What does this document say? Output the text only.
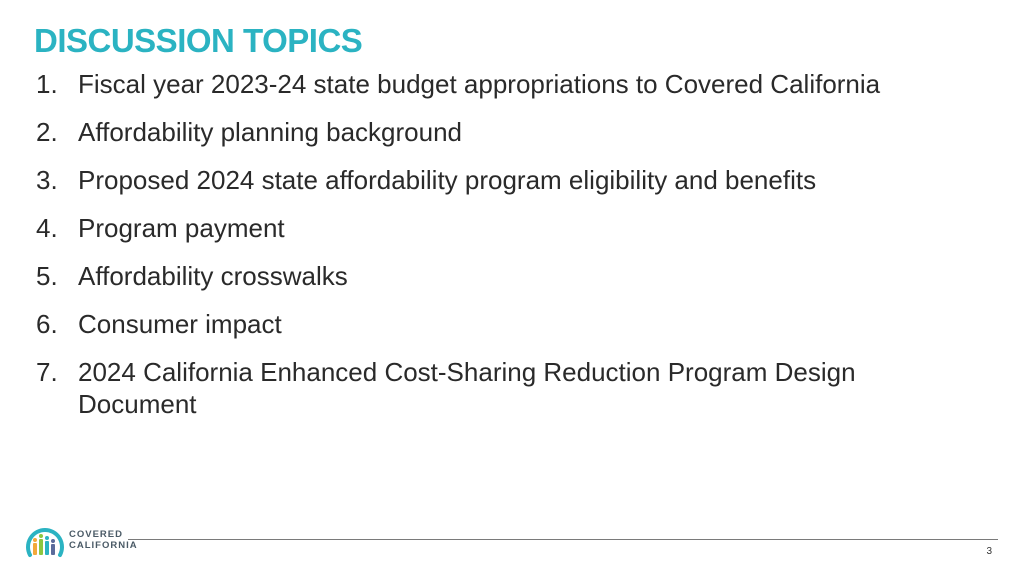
DISCUSSION TOPICS
1. Fiscal year 2023-24 state budget appropriations to Covered California
2. Affordability planning background
3. Proposed 2024 state affordability program eligibility and benefits
4. Program payment
5. Affordability crosswalks
6. Consumer impact
7. 2024 California Enhanced Cost-Sharing Reduction Program Design Document
COVERED
CALIFORNIA
3
